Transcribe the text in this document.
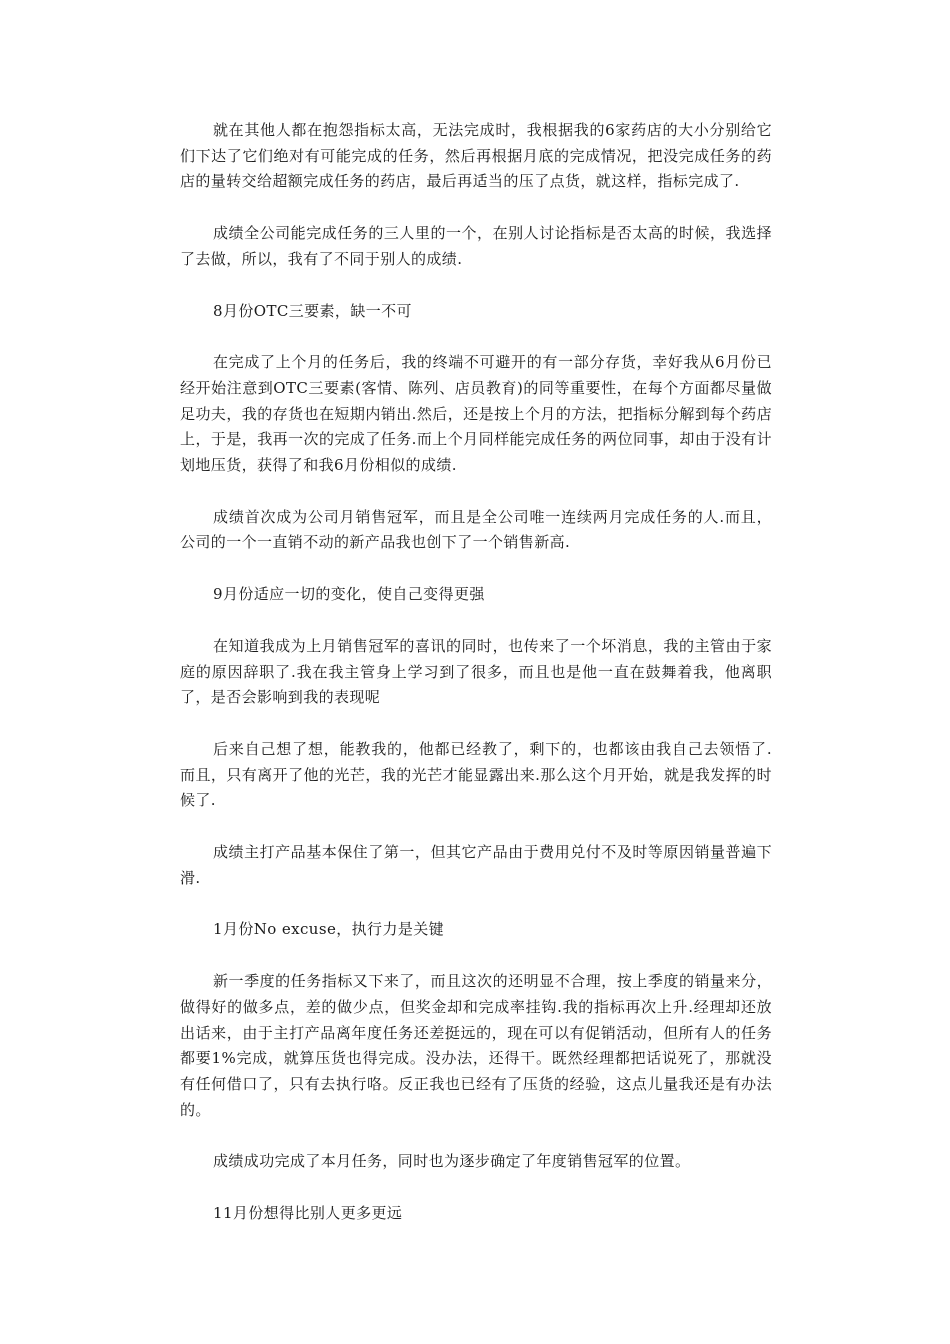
就在其他人都在抱怨指标太高，无法完成时，我根据我的6家药店的大小分别给它们下达了它们绝对有可能完成的任务，然后再根据月底的完成情况，把没完成任务的药店的量转交给超额完成任务的药店，最后再适当的压了点货，就这样，指标完成了.

成绩全公司能完成任务的三人里的一个，在别人讨论指标是否太高的时候，我选择了去做，所以，我有了不同于别人的成绩.

8月份OTC三要素，缺一不可

在完成了上个月的任务后，我的终端不可避开的有一部分存货，幸好我从6月份已经开始注意到OTC三要素(客情、陈列、店员教育)的同等重要性，在每个方面都尽量做足功夫，我的存货也在短期内销出.然后，还是按上个月的方法，把指标分解到每个药店上，于是，我再一次的完成了任务.而上个月同样能完成任务的两位同事，却由于没有计划地压货，获得了和我6月份相似的成绩.

成绩首次成为公司月销售冠军，而且是全公司唯一连续两月完成任务的人.而且，公司的一个一直销不动的新产品我也创下了一个销售新高.

9月份适应一切的变化，使自己变得更强

在知道我成为上月销售冠军的喜讯的同时，也传来了一个坏消息，我的主管由于家庭的原因辞职了.我在我主管身上学习到了很多，而且也是他一直在鼓舞着我，他离职了，是否会影响到我的表现呢

后来自己想了想，能教我的，他都已经教了，剩下的，也都该由我自己去领悟了.而且，只有离开了他的光芒，我的光芒才能显露出来.那么这个月开始，就是我发挥的时候了.

成绩主打产品基本保住了第一，但其它产品由于费用兑付不及时等原因销量普遍下滑.

1月份No excuse，执行力是关键

新一季度的任务指标又下来了，而且这次的还明显不合理，按上季度的销量来分，做得好的做多点，差的做少点，但奖金却和完成率挂钩.我的指标再次上升.经理却还放出话来，由于主打产品离年度任务还差挺远的，现在可以有促销活动，但所有人的任务都要1%完成，就算压货也得完成。没办法，还得干。既然经理都把话说死了，那就没有任何借口了，只有去执行咯。反正我也已经有了压货的经验，这点儿量我还是有办法的。

成绩成功完成了本月任务，同时也为逐步确定了年度销售冠军的位置。

11月份想得比别人更多更远
